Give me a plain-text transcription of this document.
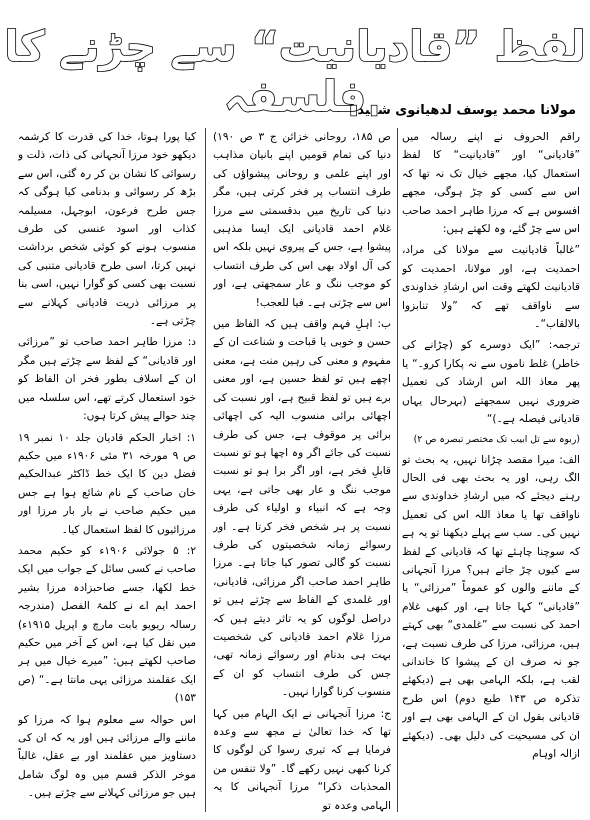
لفظ ”قادیانیت“ سے چڑنے کا فلسفہ
مولانا محمد یوسف لدھیانوی شہیدؒ

راقم الحروف نے اپنے رسالہ میں ”قادیانی“ اور ”قادیانیت“ کا لفظ استعمال کیا، مجھے خیال تک نہ تھا کہ اس سے کسی کو چڑ ہوگی، مجھے افسوس ہے کہ مرزا طاہر احمد صاحب اس سے چڑ گئے، وہ لکھتے ہیں:

”غالباً قادیانیت سے مولانا کی مراد، احمدیت ہے، اور مولانا، احمدیت کو قادیانیت لکھتے وقت اس ارشادِ خداوندی سے ناواقف تھے کہ ”ولا تنابزوا بالالقاب“۔

ترجمہ: ”ایک دوسرے کو (چڑانے کی خاطر) غلط ناموں سے نہ پکارا کرو۔“ یا پھر معاذ اللہ اس ارشاد کی تعمیل ضروری نہیں سمجھتے (بہرحال یہاں قادیانی فیصلہ ہے۔)“

(ربوہ سے تل ابیب تک مختصر تبصرہ ص ۲)

الف: میرا مقصد چڑانا نہیں، یہ بحث تو الگ رہی، اور یہ بحث بھی فی الحال رہنے دیجئے کہ میں ارشادِ خداوندی سے ناواقف تھا یا معاذ اللہ اس کی تعمیل نہیں کی۔ سب سے پہلے دیکھنا تو یہ ہے کہ سوچنا چاہئے تھا کہ قادیانی کے لفظ سے کیوں چڑ جاتے ہیں؟ مرزا آنجہانی کے ماننے والوں کو عموماً ”مرزائی“ یا ”قادیانی“ کہا جاتا ہے، اور کبھی غلام احمد کی نسبت سے ”غلمدی“ بھی کہتے ہیں، مرزائی، مرزا کی طرف نسبت ہے، جو نہ صرف ان کے پیشوا کا خاندانی لقب ہے، بلکہ الہامی بھی ہے (دیکھئے تذکرہ ص ۱۴۳ طبع دوم) اس طرح قادیانی بقول ان کے الہامی بھی ہے اور ان کی مسیحیت کی دلیل بھی۔ (دیکھئے ازالہ اوہام

ص ۱۸۵، روحانی خزائن ج ۳ ص ۱۹۰) دنیا کی تمام قومیں اپنے بانیان مذاہب اور اپنے علمی و روحانی پیشواؤں کی طرف انتساب پر فخر کرتی ہیں، مگر دنیا کی تاریخ میں بدقسمتی سے مرزا غلام احمد قادیانی ایک ایسا مذہبی پیشوا ہے، جس کے پیروی نہیں بلکہ اس کی آل اولاد بھی اس کی طرف انتساب کو موجب ننگ و عار سمجھتی ہے، اور اس سے چڑتی ہے۔ فیا للعجب!

ب: اہلِ فہم واقف ہیں کہ الفاظ میں حسن و خوبی یا قباحت و شناعت ان کے مفہوم و معنی کی رہین منت ہے، معنی اچھے ہیں تو لفظ حسین ہے، اور معنی برے ہیں تو لفظ قبیح ہے، اور نسبت کی اچھائی برائی منسوب الیہ کی اچھائی برائی پر موقوف ہے، جس کی طرف نسبت کی جائے اگر وہ اچھا ہو تو نسبت قابلِ فخر ہے، اور اگر برا ہو تو نسبت موجب ننگ و عار بھی جاتی ہے، یہی وجہ ہے کہ انبیاء و اولیاء کی طرف نسبت پر ہر شخص فخر کرتا ہے۔ اور رسوائے زمانہ شخصیتوں کی طرف نسبت کو گالی تصور کیا جاتا ہے۔ مرزا طاہر احمد صاحب اگر مرزائی، قادیانی، اور غلمدی کے الفاظ سے چڑتے ہیں تو دراصل لوگوں کو یہ تاثر دیتے ہیں کہ مرزا غلام احمد قادیانی کی شخصیت بہت ہی بدنام اور رسوائے زمانہ تھی، جس کی طرف انتساب کو ان کے منسوب کرنا گوارا نہیں۔

ج: مرزا آنجہانی نے ایک الہام میں کہا تھا کہ خدا تعالیٰ نے مجھ سے وعدہ فرمایا ہے کہ تیری رسوا کن لوگوں کا کرنا کبھی نہیں رکھے گا۔ ”ولا تنفس من المحذبات ذکرا“ مرزا آنجہانی کا یہ الہامی وعدہ تو

کیا پورا ہوتا، خدا کی قدرت کا کرشمہ دیکھو خود مرزا آنجہانی کی ذات، ذلت و رسوائی کا نشان بن کر رہ گئی، اس سے بڑھ کر رسوائی و بدنامی کیا ہوگی کہ جس طرح فرعون، ابوجہل، مسیلمہ کذاب اور اسود عنسی کی طرف منسوب ہونے کو کوئی شخص برداشت نہیں کرتا، اسی طرح قادیانی متنبی کی نسبت بھی کسی کو گوارا نہیں، اسی بنا پر مرزائی ذریت قادیانی کہلانے سے چڑتی ہے۔

د: مرزا طاہر احمد صاحب تو ”مرزائی اور قادیانی“ کے لفظ سے چڑتے ہیں مگر ان کے اسلاف بطور فخر ان الفاظ کو خود استعمال کرتے تھے، اس سلسلہ میں چند حوالے پیش کرتا ہوں:

۱: اخبار الحکم قادیان جلد ۱۰ نمبر ۱۹ ص ۹ مورخہ ۳۱ مئی ۱۹۰۶ء میں حکیم فضل دین کا ایک خط ڈاکٹر عبدالحکیم خان صاحب کے نام شائع ہوا ہے جس میں حکیم صاحب نے بار بار مرزا اور مرزائیوں کا لفظ استعمال کیا۔

۲: ۵ جولائی ۱۹۰۶ء کو حکیم محمد صاحب نے کسی سائل کے جواب میں ایک خط لکھا، جسے صاحبزادہ مرزا بشیر احمد ایم اے نے کلمۃ الفصل (مندرجہ رسالہ ریویو بابت مارچ و اپریل ۱۹۱۵ء) میں نقل کیا ہے، اس کے آخر میں حکیم صاحب لکھتے ہیں: ”میرے خیال میں ہر ایک عقلمند مرزائی یہی مانتا ہے۔“ (ص ۱۵۳)

اس حوالہ سے معلوم ہوا کہ مرزا کو ماننے والے مرزائی ہیں اور یہ کہ ان کی دستاویز میں عقلمند اور بے عقل، غالباً موخر الذکر قسم میں وہ لوگ شامل ہیں جو مرزائی کہلانے سے چڑتے ہیں۔
